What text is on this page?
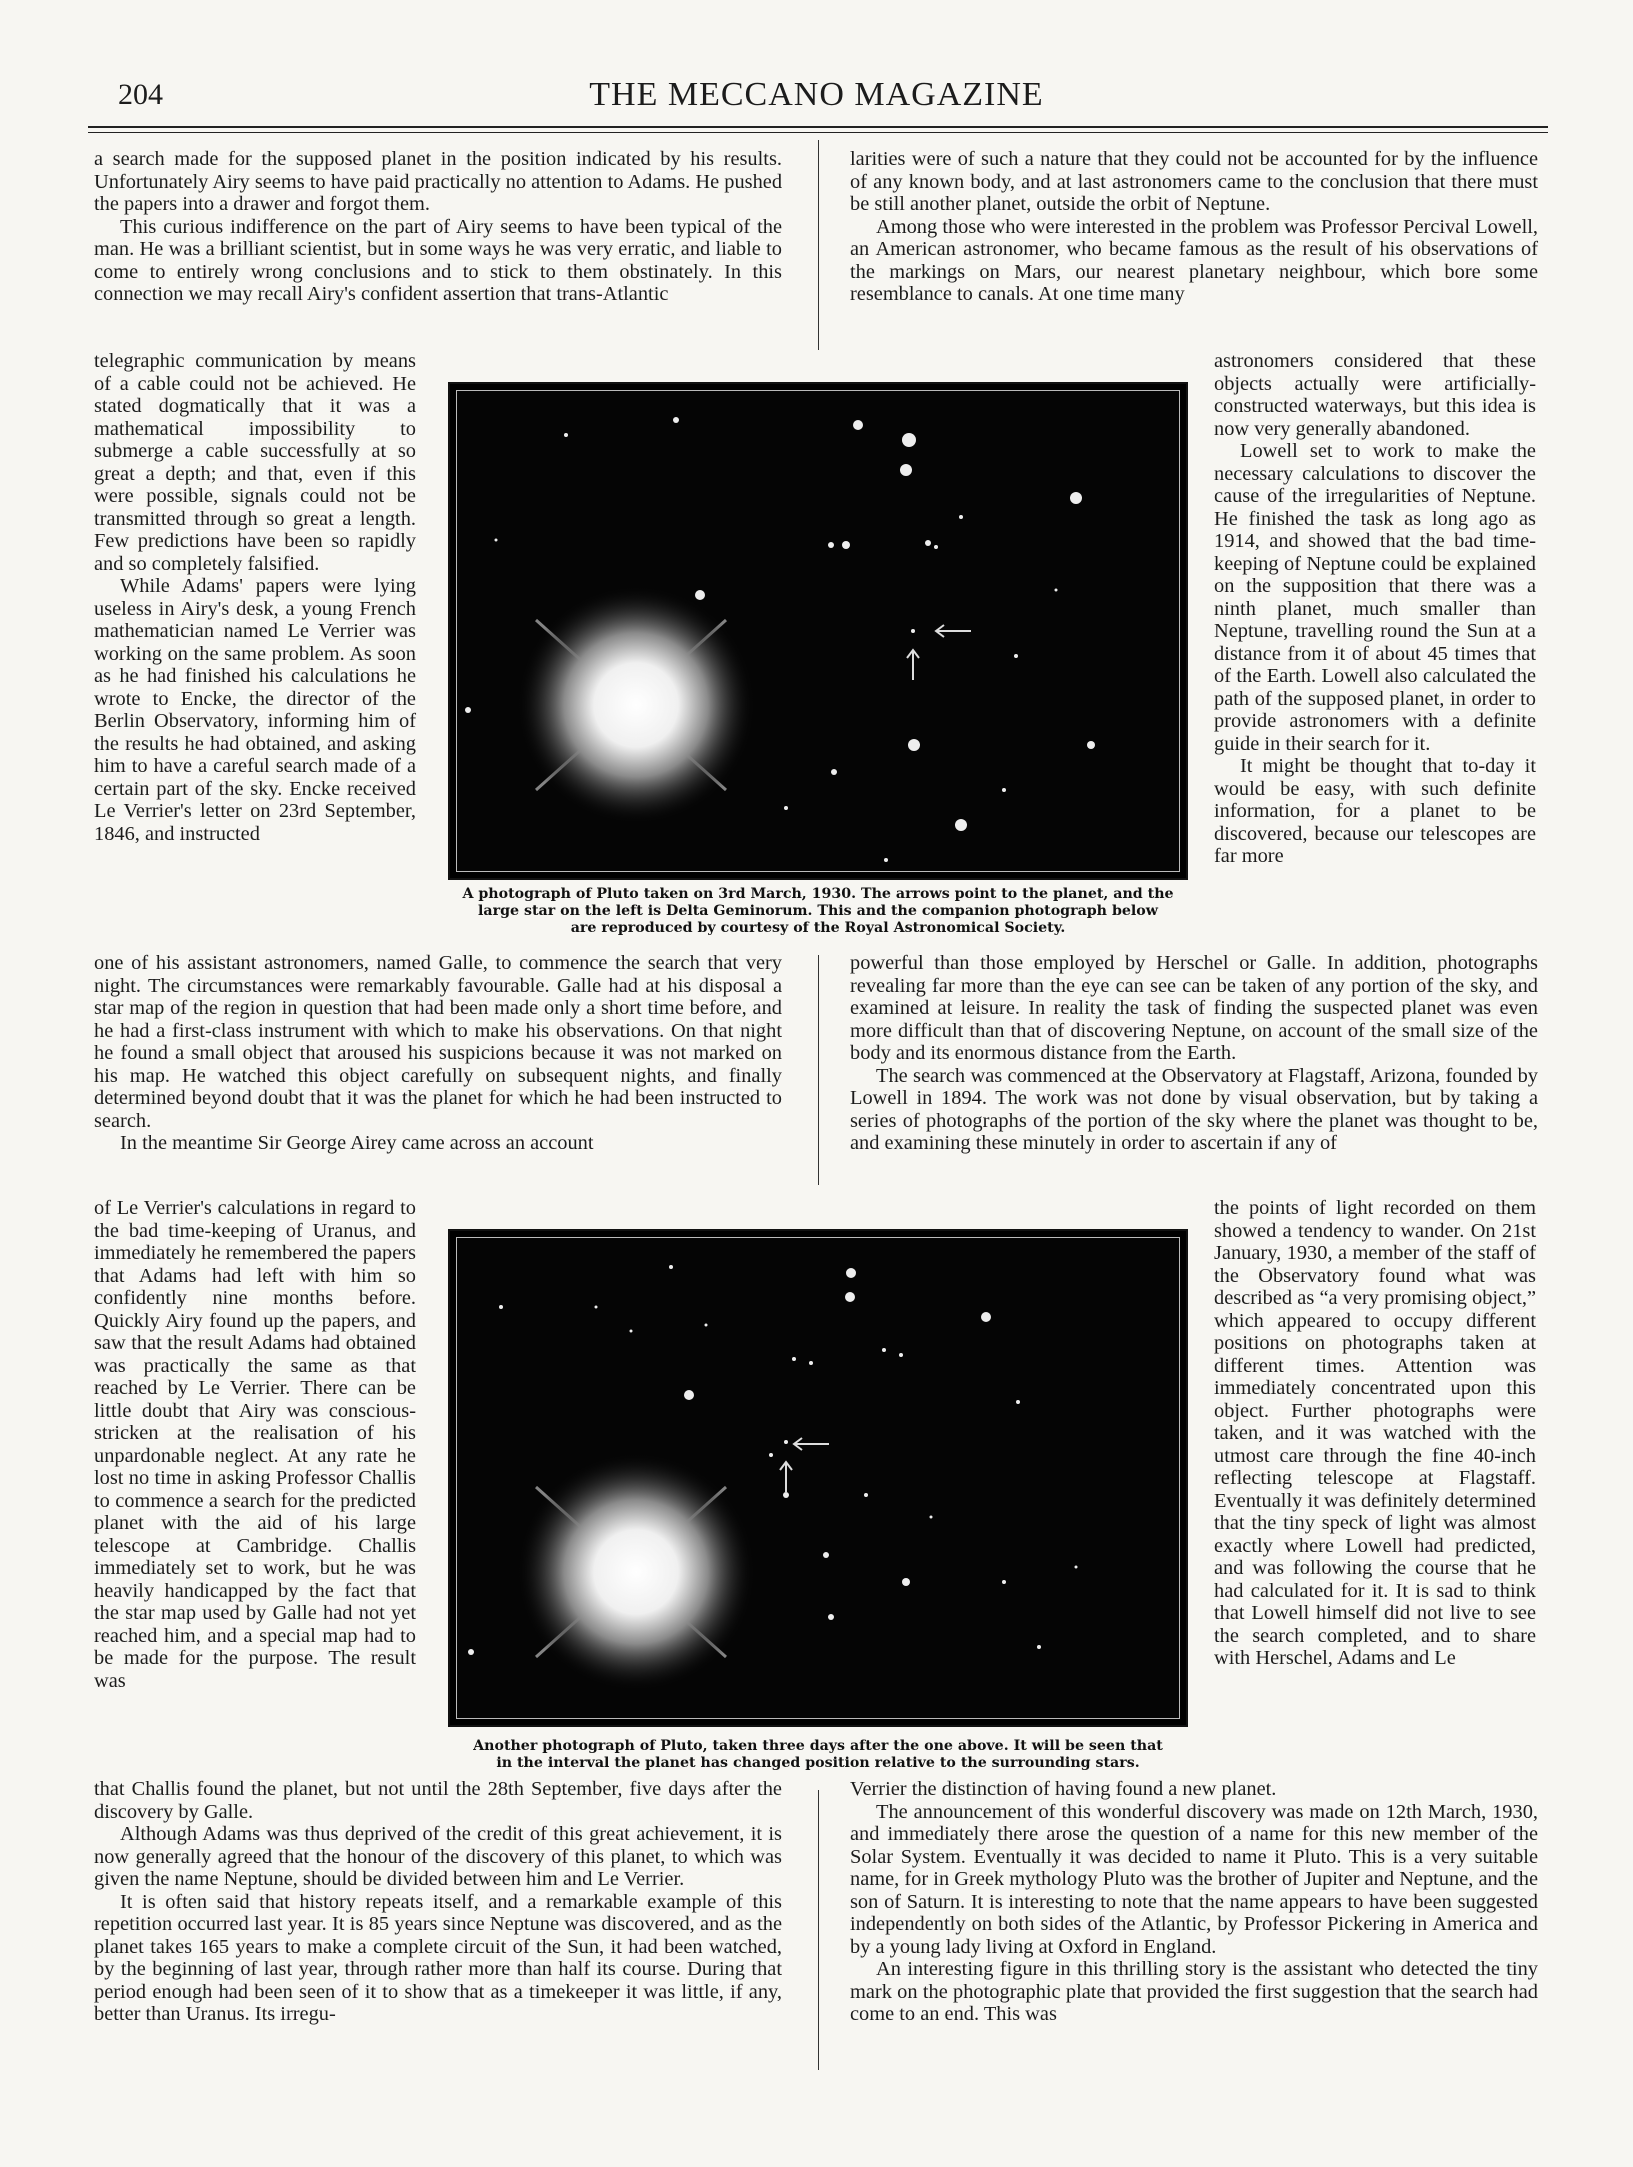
204	THE MECCANO MAGAZINE

a search made for the supposed planet in the position indicated by his results. Unfortunately Airy seems to have paid practically no attention to Adams. He pushed the papers into a drawer and forgot them.

This curious indifference on the part of Airy seems to have been typical of the man. He was a brilliant scientist, but in some ways he was very erratic, and liable to come to entirely wrong conclusions and to stick to them obstinately. In this connection we may recall Airy's confident assertion that trans-Atlantic

telegraphic communication by means of a cable could not be achieved. He stated dogmatically that it was a mathematical impossibility to submerge a cable successfully at so great a depth; and that, even if this were possible, signals could not be transmitted through so great a length. Few predictions have been so rapidly and so completely falsified.

While Adams' papers were lying useless in Airy's desk, a young French mathematician named Le Verrier was working on the same problem. As soon as he had finished his calculations he wrote to Encke, the director of the Berlin Observatory, informing him of the results he had obtained, and asking him to have a careful search made of a certain part of the sky. Encke received Le Verrier's letter on 23rd September, 1846, and instructed

one of his assistant astronomers, named Galle, to commence the search that very night. The circumstances were remarkably favourable. Galle had at his disposal a star map of the region in question that had been made only a short time before, and he had a first-class instrument with which to make his observations. On that night he found a small object that aroused his suspicions because it was not marked on his map. He watched this object carefully on subsequent nights, and finally determined beyond doubt that it was the planet for which he had been instructed to search.

In the meantime Sir George Airey came across an account

of Le Verrier's calculations in regard to the bad time-keeping of Uranus, and immediately he remembered the papers that Adams had left with him so confidently nine months before. Quickly Airy found up the papers, and saw that the result Adams had obtained was practically the same as that reached by Le Verrier. There can be little doubt that Airy was conscious-stricken at the realisation of his unpardonable neglect. At any rate he lost no time in asking Professor Challis to commence a search for the predicted planet with the aid of his large telescope at Cambridge. Challis immediately set to work, but he was heavily handicapped by the fact that the star map used by Galle had not yet reached him, and a special map had to be made for the purpose. The result was

that Challis found the planet, but not until the 28th September, five days after the discovery by Galle.

Although Adams was thus deprived of the credit of this great achievement, it is now generally agreed that the honour of the discovery of this planet, to which was given the name Neptune, should be divided between him and Le Verrier.

It is often said that history repeats itself, and a remarkable example of this repetition occurred last year. It is 85 years since Neptune was discovered, and as the planet takes 165 years to make a complete circuit of the Sun, it had been watched, by the beginning of last year, through rather more than half its course. During that period enough had been seen of it to show that as a timekeeper it was little, if any, better than Uranus. Its irregu-

larities were of such a nature that they could not be accounted for by the influence of any known body, and at last astronomers came to the conclusion that there must be still another planet, outside the orbit of Neptune.

Among those who were interested in the problem was Professor Percival Lowell, an American astronomer, who became famous as the result of his observations of the markings on Mars, our nearest planetary neighbour, which bore some resemblance to canals. At one time many

astronomers considered that these objects actually were artificially-constructed waterways, but this idea is now very generally abandoned.

Lowell set to work to make the necessary calculations to discover the cause of the irregularities of Neptune. He finished the task as long ago as 1914, and showed that the bad time-keeping of Neptune could be explained on the supposition that there was a ninth planet, much smaller than Neptune, travelling round the Sun at a distance from it of about 45 times that of the Earth. Lowell also calculated the path of the supposed planet, in order to provide astronomers with a definite guide in their search for it.

It might be thought that to-day it would be easy, with such definite information, for a planet to be discovered, because our telescopes are far more

powerful than those employed by Herschel or Galle. In addition, photographs revealing far more than the eye can see can be taken of any portion of the sky, and examined at leisure. In reality the task of finding the suspected planet was even more difficult than that of discovering Neptune, on account of the small size of the body and its enormous distance from the Earth.

The search was commenced at the Observatory at Flagstaff, Arizona, founded by Lowell in 1894. The work was not done by visual observation, but by taking a series of photographs of the portion of the sky where the planet was thought to be, and examining these minutely in order to ascertain if any of

the points of light recorded on them showed a tendency to wander. On 21st January, 1930, a member of the staff of the Observatory found what was described as “a very promising object,” which appeared to occupy different positions on photographs taken at different times. Attention was immediately concentrated upon this object. Further photographs were taken, and it was watched with the utmost care through the fine 40-inch reflecting telescope at Flagstaff. Eventually it was definitely determined that the tiny speck of light was almost exactly where Lowell had predicted, and was following the course that he had calculated for it. It is sad to think that Lowell himself did not live to see the search completed, and to share with Herschel, Adams and Le

Verrier the distinction of having found a new planet.

The announcement of this wonderful discovery was made on 12th March, 1930, and immediately there arose the question of a name for this new member of the Solar System. Eventually it was decided to name it Pluto. This is a very suitable name, for in Greek mythology Pluto was the brother of Jupiter and Neptune, and the son of Saturn. It is interesting to note that the name appears to have been suggested independently on both sides of the Atlantic, by Professor Pickering in America and by a young lady living at Oxford in England.

An interesting figure in this thrilling story is the assistant who detected the tiny mark on the photographic plate that provided the first suggestion that the search had come to an end. This was

A photograph of Pluto taken on 3rd March, 1930. The arrows point to the planet, and the
large star on the left is Delta Geminorum. This and the companion photograph below
are reproduced by courtesy of the Royal Astronomical Society.
Another photograph of Pluto, taken three days after the one above. It will be seen that
in the interval the planet has changed position relative to the surrounding stars.
